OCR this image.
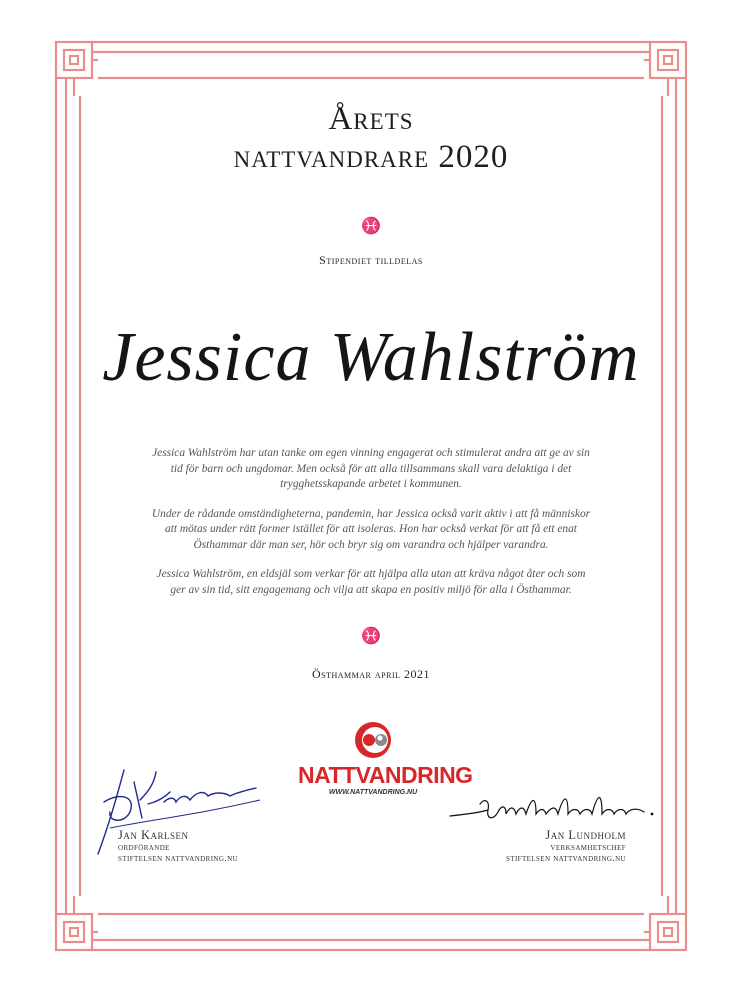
Årets
nattvandrare 2020
♓
Stipendiet tilldelas
Jessica Wahlström

Jessica Wahlström har utan tanke om egen vinning engagerat och stimulerat andra att ge av sin tid för barn och ungdomar. Men också för att alla tillsammans skall vara delaktiga i det trygghetsskapande arbetet i kommunen.

Under de rådande omständigheterna, pandemin, har Jessica också varit aktiv i att få människor att mötas under rätt former istället för att isoleras. Hon har också verkat för att få ett enat Östhammar där man ser, hör och bryr sig om varandra och hjälper varandra.

Jessica Wahlström, en eldsjäl som verkar för att hjälpa alla utan att kräva något åter och som ger av sin tid, sitt engagemang och vilja att skapa en positiv miljö för alla i Östhammar.

♓
Östhammar april 2021
NATTVANDRING
WWW.NATTVANDRING.NU
Jan Karlsen
ordförande
stiftelsen nattvandring.nu
Jan Lundholm
verksamhetschef
stiftelsen nattvandring.nu
